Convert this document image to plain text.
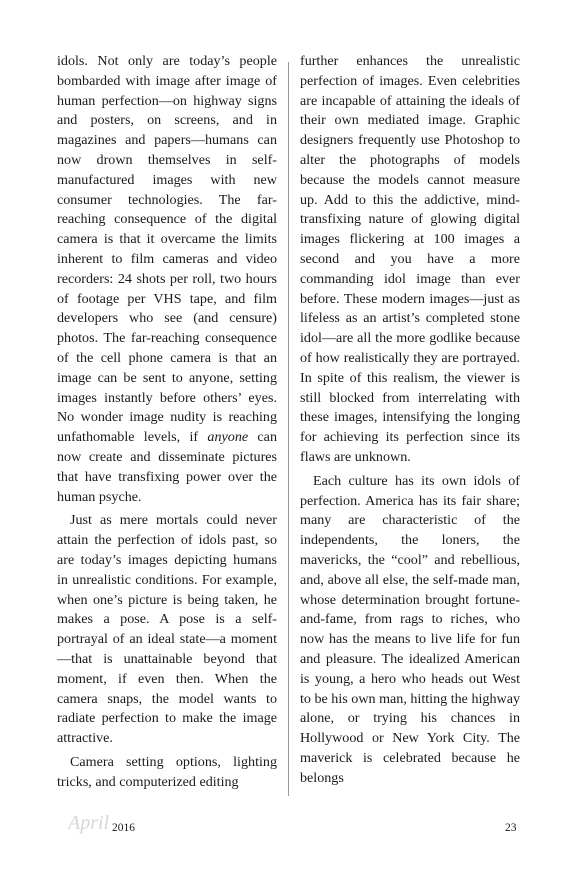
idols. Not only are today’s people bombarded with image after image of human perfection—on highway signs and posters, on screens, and in magazines and papers—humans can now drown themselves in self-manufactured images with new consumer technologies. The far-reaching consequence of the digital camera is that it overcame the limits inherent to film cameras and video recorders: 24 shots per roll, two hours of footage per VHS tape, and film developers who see (and censure) photos. The far-reaching consequence of the cell phone camera is that an image can be sent to anyone, setting images instantly before others’ eyes. No wonder image nudity is reaching unfathomable levels, if anyone can now create and disseminate pictures that have transfixing power over the human psyche.

Just as mere mortals could never attain the perfection of idols past, so are today’s images depicting humans in unrealistic conditions. For example, when one’s picture is being taken, he makes a pose. A pose is a self-portrayal of an ideal state—a moment—that is unattainable beyond that moment, if even then. When the camera snaps, the model wants to radiate perfection to make the image attractive.

Camera setting options, lighting tricks, and computerized editing

further enhances the unrealistic perfection of images. Even celebrities are incapable of attaining the ideals of their own mediated image. Graphic designers frequently use Photoshop to alter the photographs of models because the models cannot measure up. Add to this the addictive, mind-transfixing nature of glowing digital images flickering at 100 images a second and you have a more commanding idol image than ever before. These modern images—just as lifeless as an artist’s completed stone idol—are all the more godlike because of how realistically they are portrayed. In spite of this realism, the viewer is still blocked from interrelating with these images, intensifying the longing for achieving its perfection since its flaws are unknown.

Each culture has its own idols of perfection. America has its fair share; many are characteristic of the independents, the loners, the mavericks, the “cool” and rebellious, and, above all else, the self-made man, whose determination brought fortune-and-fame, from rags to riches, who now has the means to live life for fun and pleasure. The idealized American is young, a hero who heads out West to be his own man, hitting the highway alone, or trying his chances in Hollywood or New York City. The maverick is celebrated because he belongs

April 2016	23
